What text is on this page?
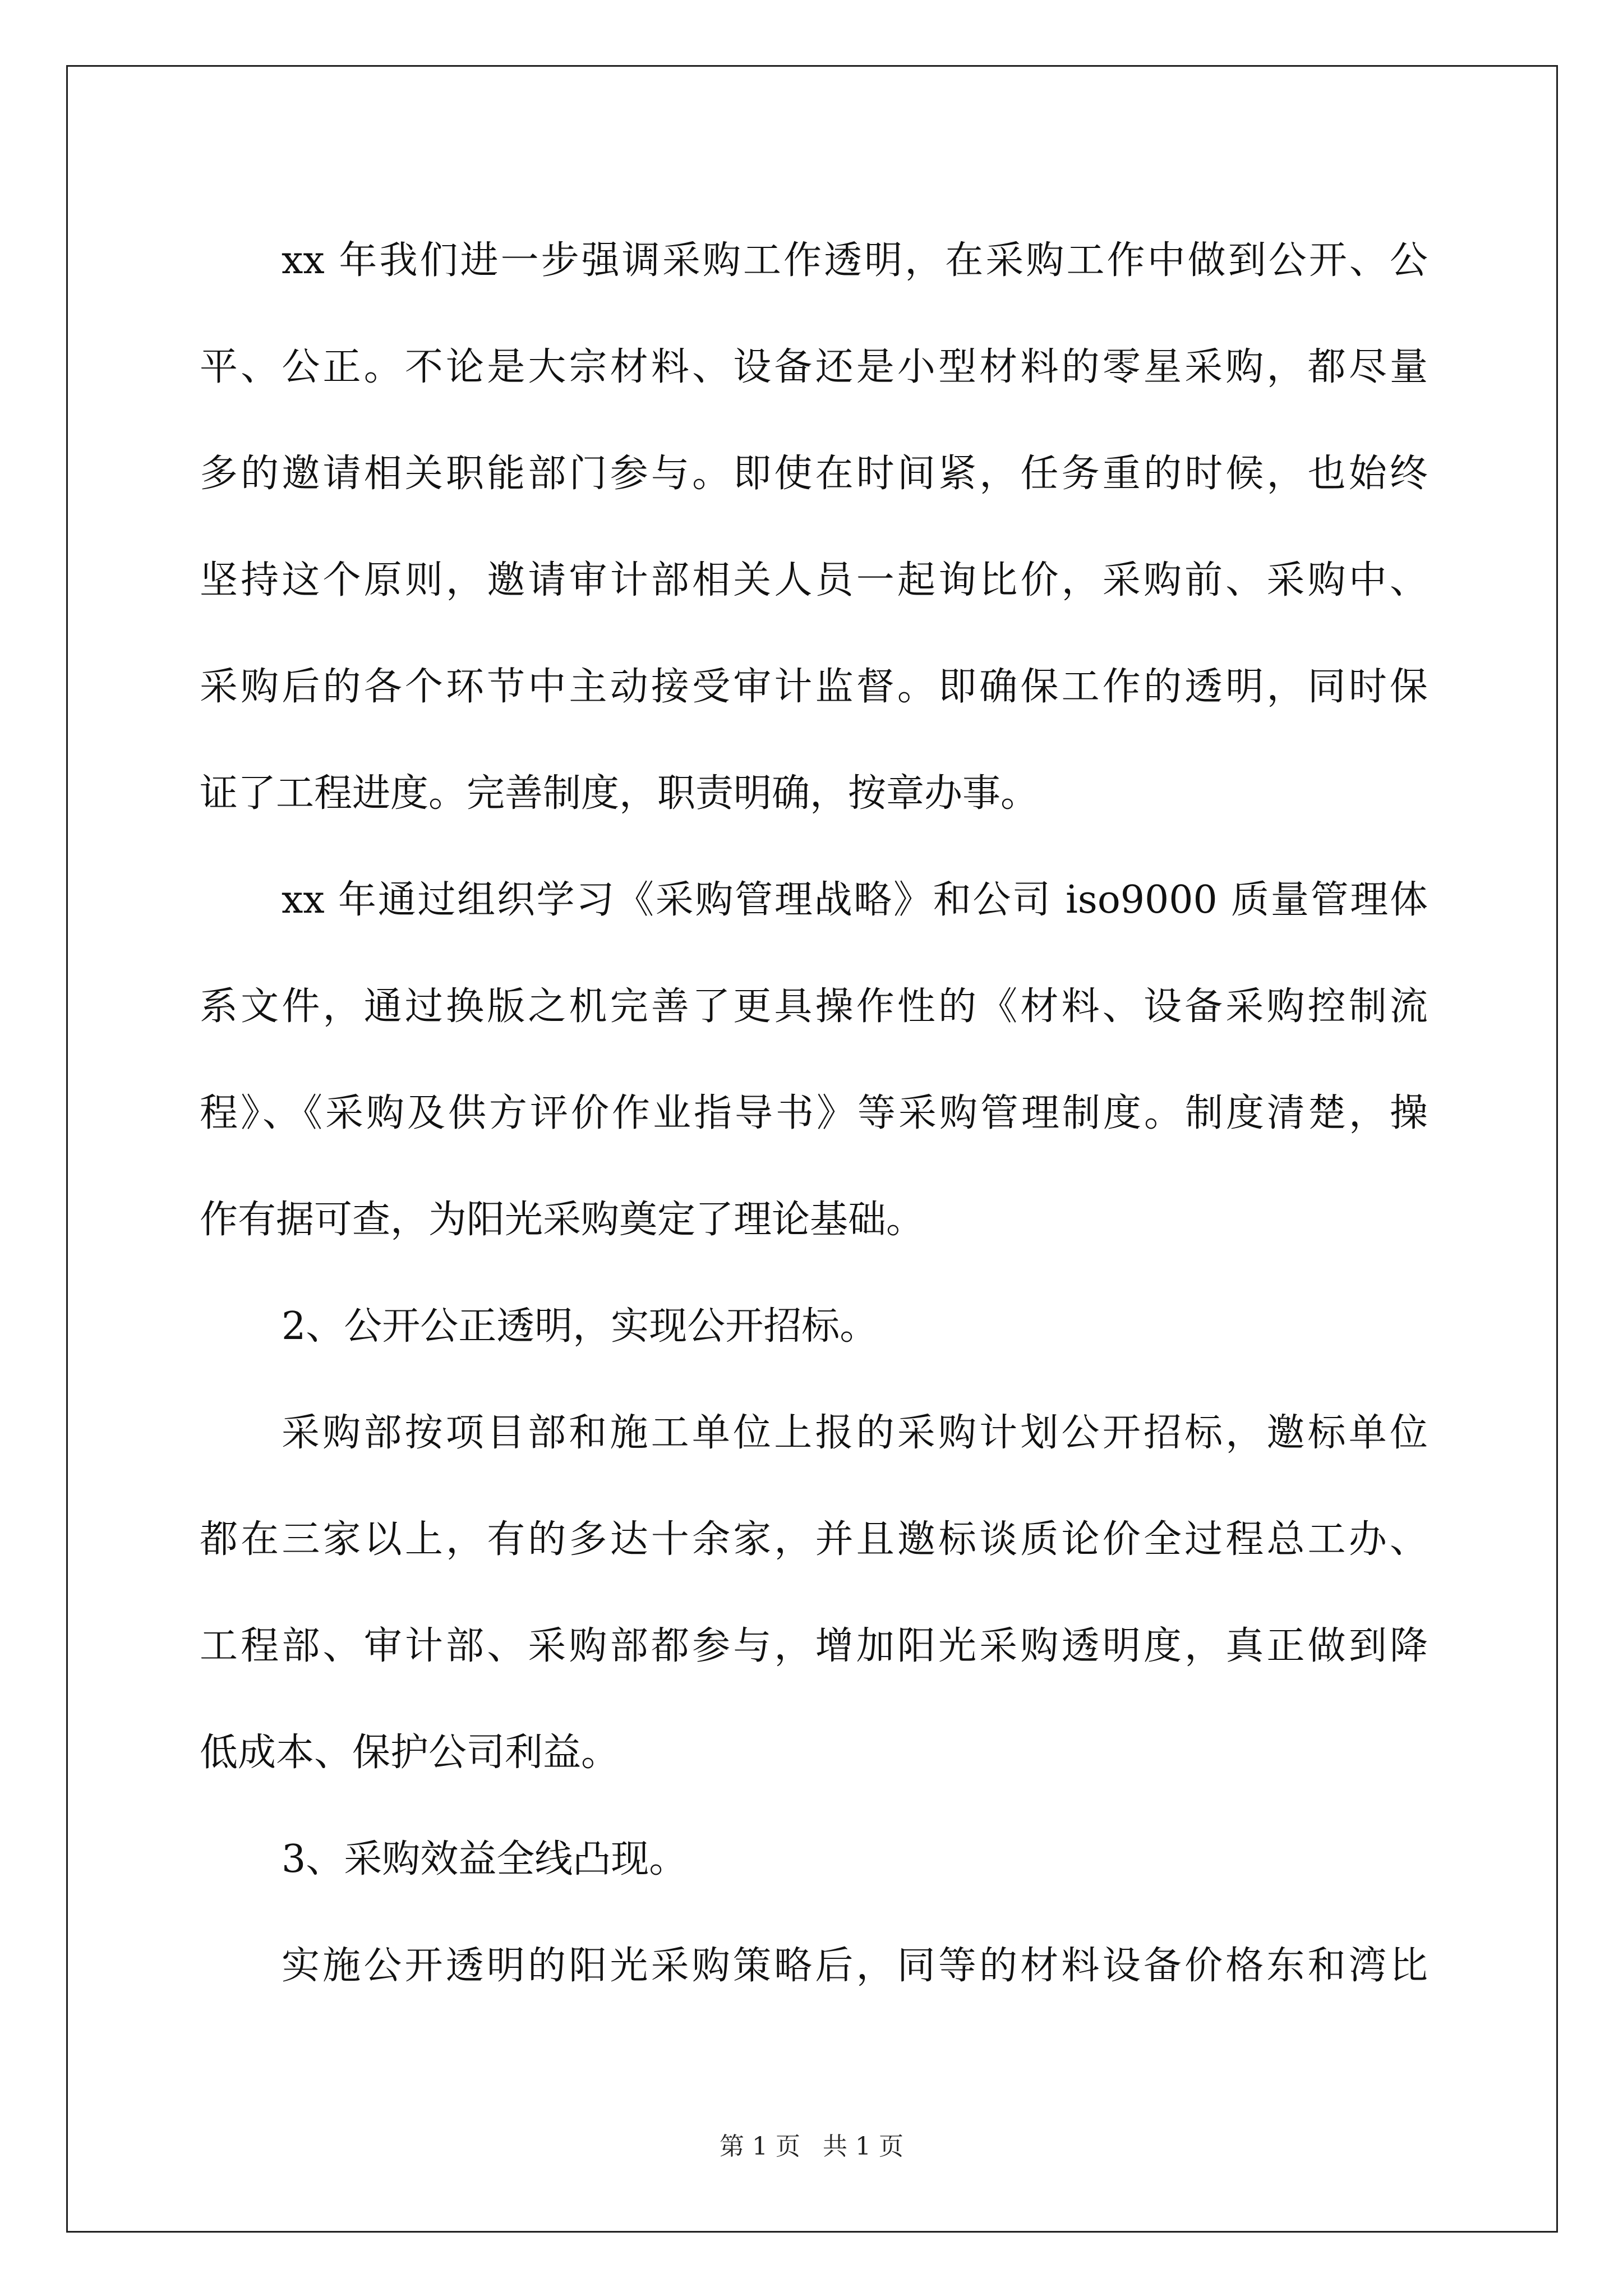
xx 年我们进一步强调采购工作透明，在采购工作中做到公开、公
平、公正。不论是大宗材料、设备还是小型材料的零星采购，都尽量
多的邀请相关职能部门参与。即使在时间紧，任务重的时候，也始终
坚持这个原则，邀请审计部相关人员一起询比价，采购前、采购中、
采购后的各个环节中主动接受审计监督。即确保工作的透明，同时保
证了工程进度。完善制度，职责明确，按章办事。
xx 年通过组织学习《采购管理战略》和公司 iso9000 质量管理体
系文件，通过换版之机完善了更具操作性的《材料、设备采购控制流
程》、《采购及供方评价作业指导书》等采购管理制度。制度清楚，操
作有据可查，为阳光采购奠定了理论基础。
2、公开公正透明，实现公开招标。
采购部按项目部和施工单位上报的采购计划公开招标，邀标单位
都在三家以上，有的多达十余家，并且邀标谈质论价全过程总工办、
工程部、审计部、采购部都参与，增加阳光采购透明度，真正做到降
低成本、保护公司利益。
3、采购效益全线凸现。
实施公开透明的阳光采购策略后，同等的材料设备价格东和湾比
第 1 页 共 1 页
